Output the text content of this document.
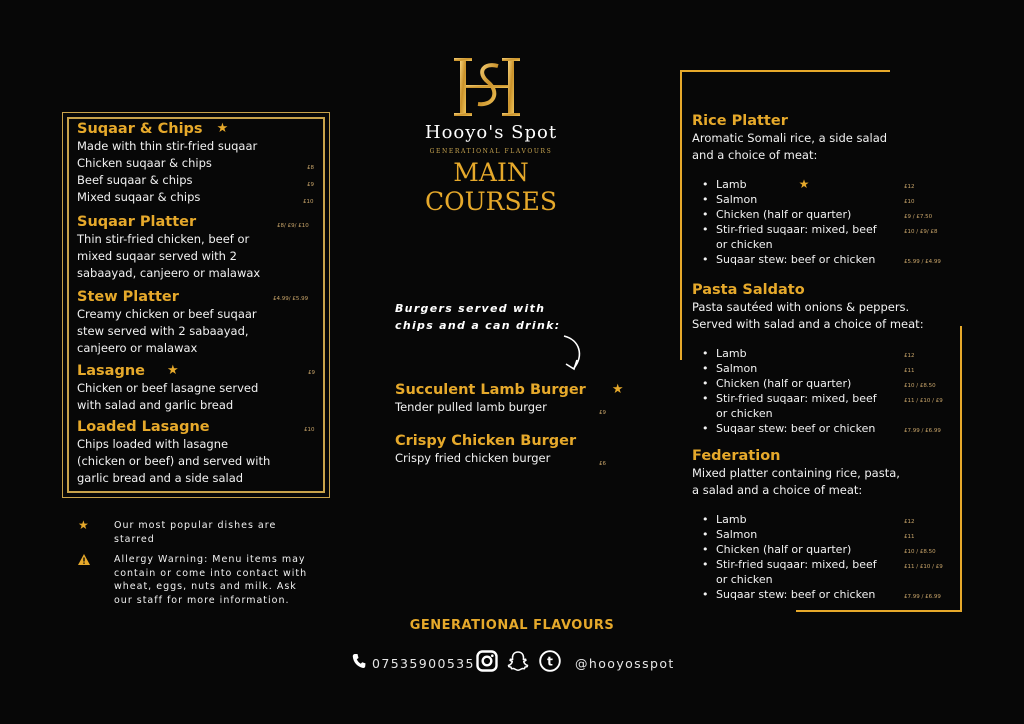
Suqaar & Chips ★
Made with thin stir-fried suqaar
Chicken suqaar & chips	£8
Beef suqaar & chips	£9
Mixed suqaar & chips	£10
Suqaar Platter	£8/ £9/ £10
Thin stir-fried chicken, beef or
mixed suqaar served with 2
sabaayad, canjeero or malawax
Stew Platter	£4.99/ £5.99
Creamy chicken or beef suqaar
stew served with 2 sabaayad,
canjeero or malawax
Lasagne ★	£9
Chicken or beef lasagne served
with salad and garlic bread
Loaded Lasagne	£10
Chips loaded with lasagne
(chicken or beef) and served with
garlic bread and a side salad
★	Our most popular dishes are starred
Allergy Warning: Menu items may contain or come into contact with wheat, eggs, nuts and milk. Ask our staff for more information.
Hooyo's Spot
GENERATIONAL FLAVOURS
MAIN COURSES
Burgers served with chips and a can drink:
Succulent Lamb Burger ★
Tender pulled lamb burger	£9
Crispy Chicken Burger
Crispy fried chicken burger	£6
Rice Platter
Aromatic Somali rice, a side salad
and a choice of meat:
• Lamb	★	£12
• Salmon	£10
• Chicken (half or quarter)	£9 / £7.50
• Stir-fried suqaar: mixed, beef or chicken
£10 / £9/ £8
• Suqaar stew: beef or chicken	£5.99 / £4.99
Pasta Saldato
Pasta sautéed with onions & peppers.
Served with salad and a choice of meat:
• Lamb	£12
• Salmon	£11
• Chicken (half or quarter)	£10 / £8.50
• Stir-fried suqaar: mixed, beef or chicken
£11 / £10 / £9
• Suqaar stew: beef or chicken	£7.99 / £6.99
Federation
Mixed platter containing rice, pasta,
a salad and a choice of meat:
• Lamb	£12
• Salmon	£11
• Chicken (half or quarter)	£10 / £8.50
• Stir-fried suqaar: mixed, beef or chicken
£11 / £10 / £9
• Suqaar stew: beef or chicken	£7.99 / £6.99
GENERATIONAL FLAVOURS
07535900535	t @hooyosspot
